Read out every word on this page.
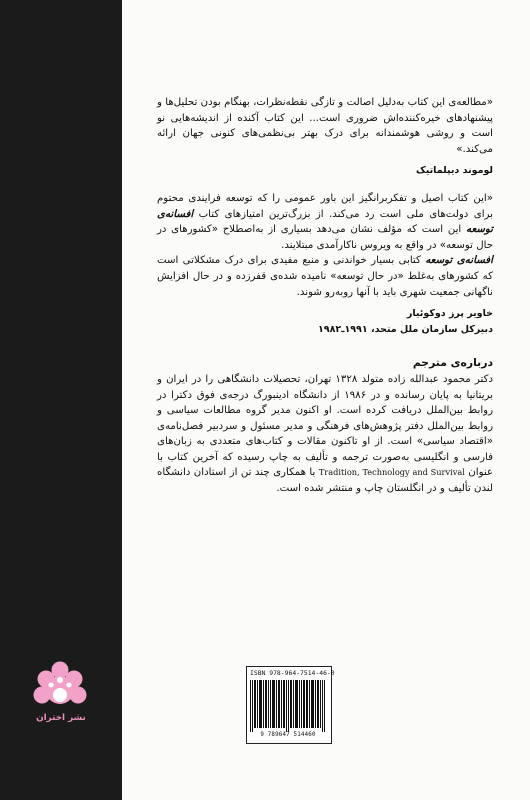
«مطالعه‌ی این کتاب به‌دلیل اصالت و تازگی نقطه‌نظرات، بهنگام بودن تحلیل‌ها و پیشنهادهای خیره‌کننده‌اش ضروری است... این کتاب آکنده از اندیشه‌هایی نو است و روشی هوشمندانه برای درک بهتر بی‌نظمی‌های کنونی جهان ارائه می‌کند.»

لوموند دیپلماتیک

«این کتاب اصیل و تفکربرانگیز این باور عمومی را که توسعه فرایندی محتوم برای دولت‌های ملی است رد می‌کند. از بزرگ‌ترین امتیازهای کتاب افسانه‌ی توسعه این است که مؤلف نشان می‌دهد بسیاری از به‌اصطلاح «کشورهای در حال توسعه» در واقع به ویروس ناکارآمدی مبتلایند.

افسانه‌ی توسعه کتابی بسیار خواندنی و منبع مفیدی برای درک مشکلاتی است که کشورهای به‌غلط «در حال توسعه» نامیده شده‌ی قفرزده و در حال افزایش ناگهانی جمعیت شهری باید با آنها روبه‌رو شوند.

خاویر پرز دوکوئیار

دبیرکل سازمان ملل متحد، ۱۹۹۱ـ۱۹۸۲

درباره‌ی مترجم

دکتر محمود عبدالله زاده متولد ۱۳۲۸ تهران، تحصیلات دانشگاهی را در ایران و بریتانیا به پایان رسانده و در ۱۹۸۶ از دانشگاه ادینبورگ درجه‌ی فوق دکترا در روابط بین‌الملل دریافت کرده است. او اکنون مدیر گروه مطالعات سیاسی و روابط بین‌الملل دفتر پژوهش‌های فرهنگی و مدیر مسئول و سردبیر فصل‌نامه‌ی «اقتصاد سیاسی» است. از او تاکنون مقالات و کتاب‌های متعددی به زبان‌های فارسی و انگلیسی به‌صورت ترجمه و تألیف به چاپ رسیده که آخرین کتاب با عنوان Tradition, Technology and Survival با همکاری چند تن از استادان دانشگاه لندن تألیف و در انگلستان چاپ و منتشر شده است.

ISBN 978-964-7514-46-0
9 789647 514460
نشر اختران
